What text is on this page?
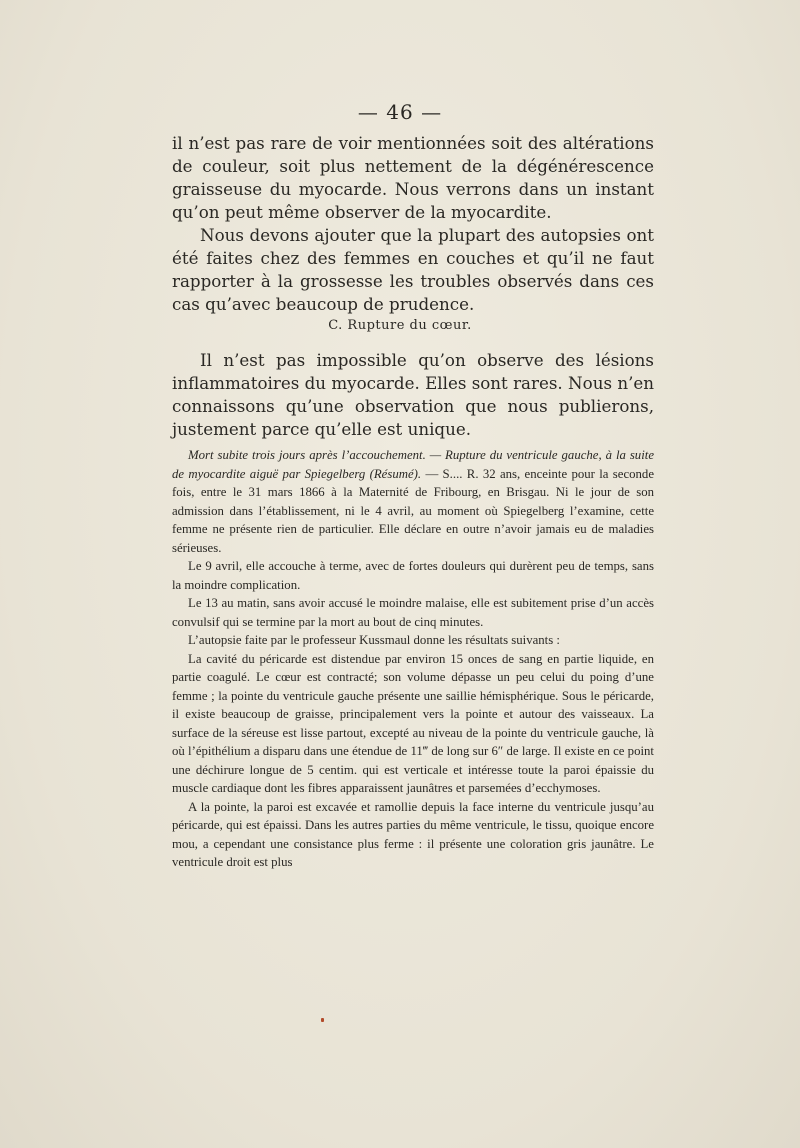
— 46 —

il n’est pas rare de voir mentionnées soit des altérations de couleur, soit plus nettement de la dégénérescence graisseuse du myocarde. Nous verrons dans un instant qu’on peut même observer de la myocardite.

Nous devons ajouter que la plupart des autopsies ont été faites chez des femmes en couches et qu’il ne faut rapporter à la grossesse les troubles observés dans ces cas qu’avec beaucoup de prudence.

C. Rupture du cœur.

Il n’est pas impossible qu’on observe des lésions inflammatoires du myocarde. Elles sont rares. Nous n’en connaissons qu’une observation que nous publierons, justement parce qu’elle est unique.

Mort subite trois jours après l’accouchement. — Rupture du ventricule gauche, à la suite de myocardite aiguë par Spiegelberg (Résumé). — S.... R. 32 ans, enceinte pour la seconde fois, entre le 31 mars 1866 à la Maternité de Fribourg, en Brisgau. Ni le jour de son admission dans l’établissement, ni le 4 avril, au moment où Spiegelberg l’examine, cette femme ne présente rien de particulier. Elle déclare en outre n’avoir jamais eu de maladies sérieuses.

Le 9 avril, elle accouche à terme, avec de fortes douleurs qui durèrent peu de temps, sans la moindre complication.

Le 13 au matin, sans avoir accusé le moindre malaise, elle est subitement prise d’un accès convulsif qui se termine par la mort au bout de cinq minutes.

L’autopsie faite par le professeur Kussmaul donne les résultats suivants :

La cavité du péricarde est distendue par environ 15 onces de sang en partie liquide, en partie coagulé. Le cœur est contracté; son volume dépasse un peu celui du poing d’une femme ; la pointe du ventricule gauche présente une saillie hémisphérique. Sous le péricarde, il existe beaucoup de graisse, principalement vers la pointe et autour des vaisseaux. La surface de la séreuse est lisse partout, excepté au niveau de la pointe du ventricule gauche, là où l’épithélium a disparu dans une étendue de 11‴ de long sur 6″ de large. Il existe en ce point une déchirure longue de 5 centim. qui est verticale et intéresse toute la paroi épaissie du muscle cardiaque dont les fibres apparaissent jaunâtres et parsemées d’ecchymoses.

A la pointe, la paroi est excavée et ramollie depuis la face interne du ventricule jusqu’au péricarde, qui est épaissi. Dans les autres parties du même ventricule, le tissu, quoique encore mou, a cependant une consistance plus ferme : il présente une coloration gris jaunâtre. Le ventricule droit est plus
